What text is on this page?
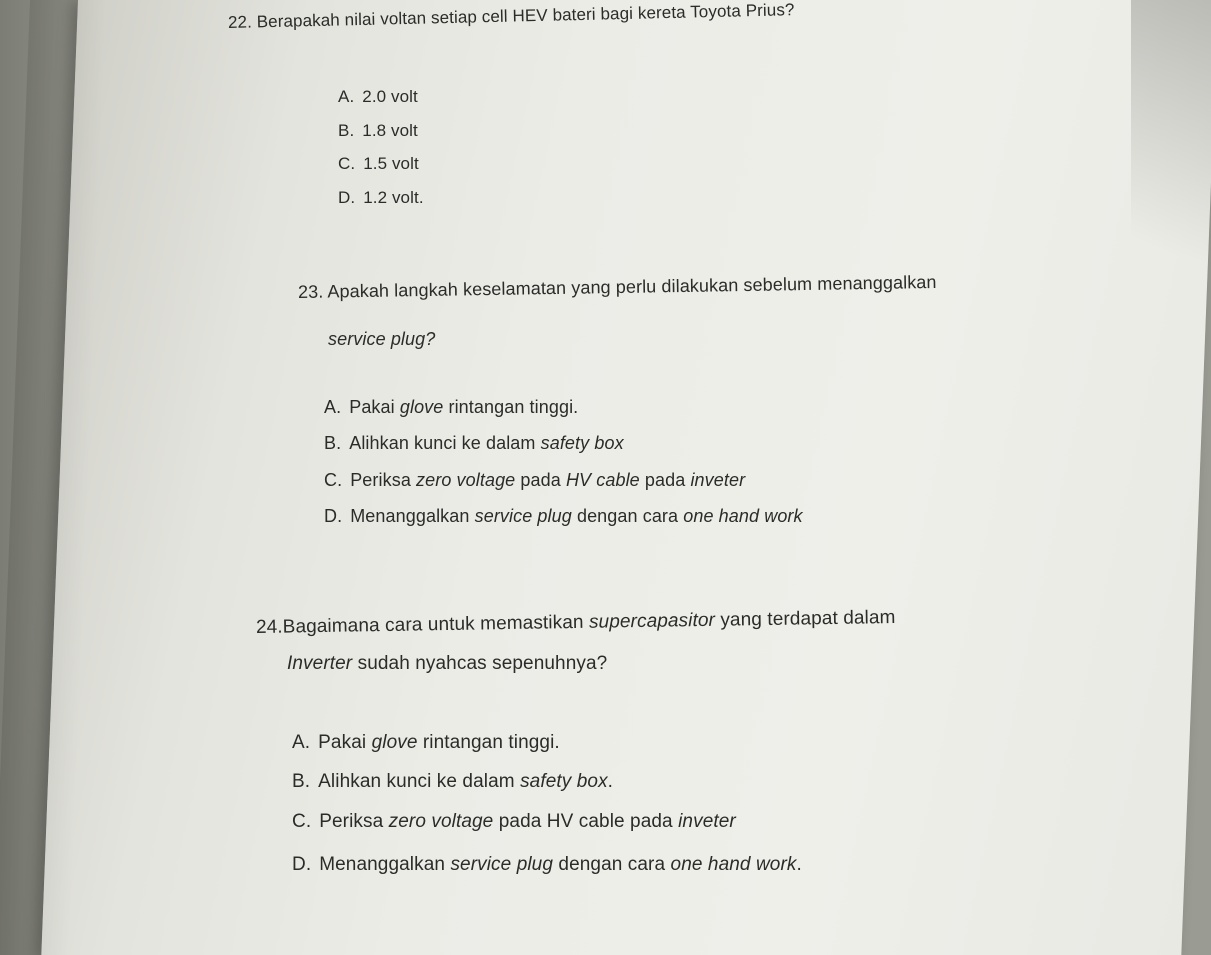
22. Berapakah nilai voltan setiap cell HEV bateri bagi kereta Toyota Prius?
A. 2.0 volt
B. 1.8 volt
C. 1.5 volt
D. 1.2 volt.
23. Apakah langkah keselamatan yang perlu dilakukan sebelum menanggalkan
service plug?
A. Pakai glove rintangan tinggi.
B. Alihkan kunci ke dalam safety box
C. Periksa zero voltage pada HV cable pada inveter
D. Menanggalkan service plug dengan cara one hand work
24.Bagaimana cara untuk memastikan supercapasitor yang terdapat dalam
Inverter sudah nyahcas sepenuhnya?
A. Pakai glove rintangan tinggi.
B. Alihkan kunci ke dalam safety box.
C. Periksa zero voltage pada HV cable pada inveter
D. Menanggalkan service plug dengan cara one hand work.
